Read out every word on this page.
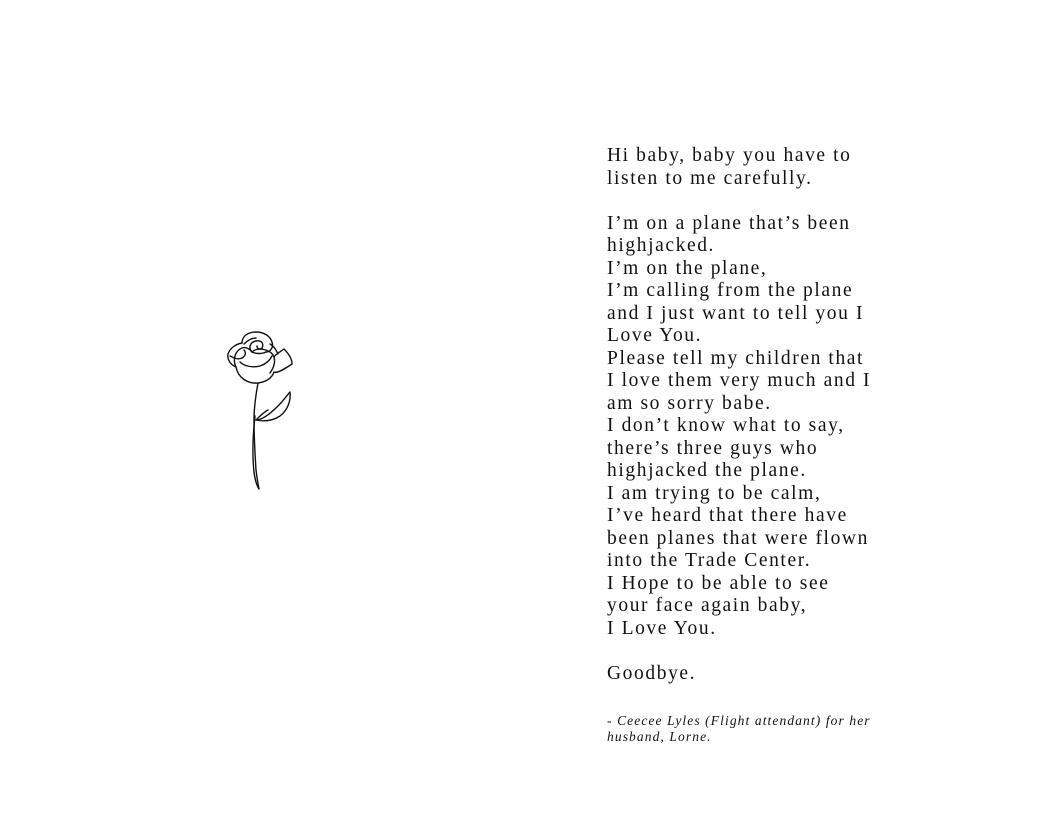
Hi baby, baby you have to
listen to me carefully.
I’m on a plane that’s been
highjacked.
I’m on the plane,
I’m calling from the plane
and I just want to tell you I
Love You.
Please tell my children that
I love them very much and I
am so sorry babe.
I don’t know what to say,
there’s three guys who
highjacked the plane.
I am trying to be calm,
I’ve heard that there have
been planes that were flown
into the Trade Center.
I Hope to be able to see
your face again baby,
I Love You.
Goodbye.
- Ceecee Lyles (Flight attendant) for her
husband, Lorne.
